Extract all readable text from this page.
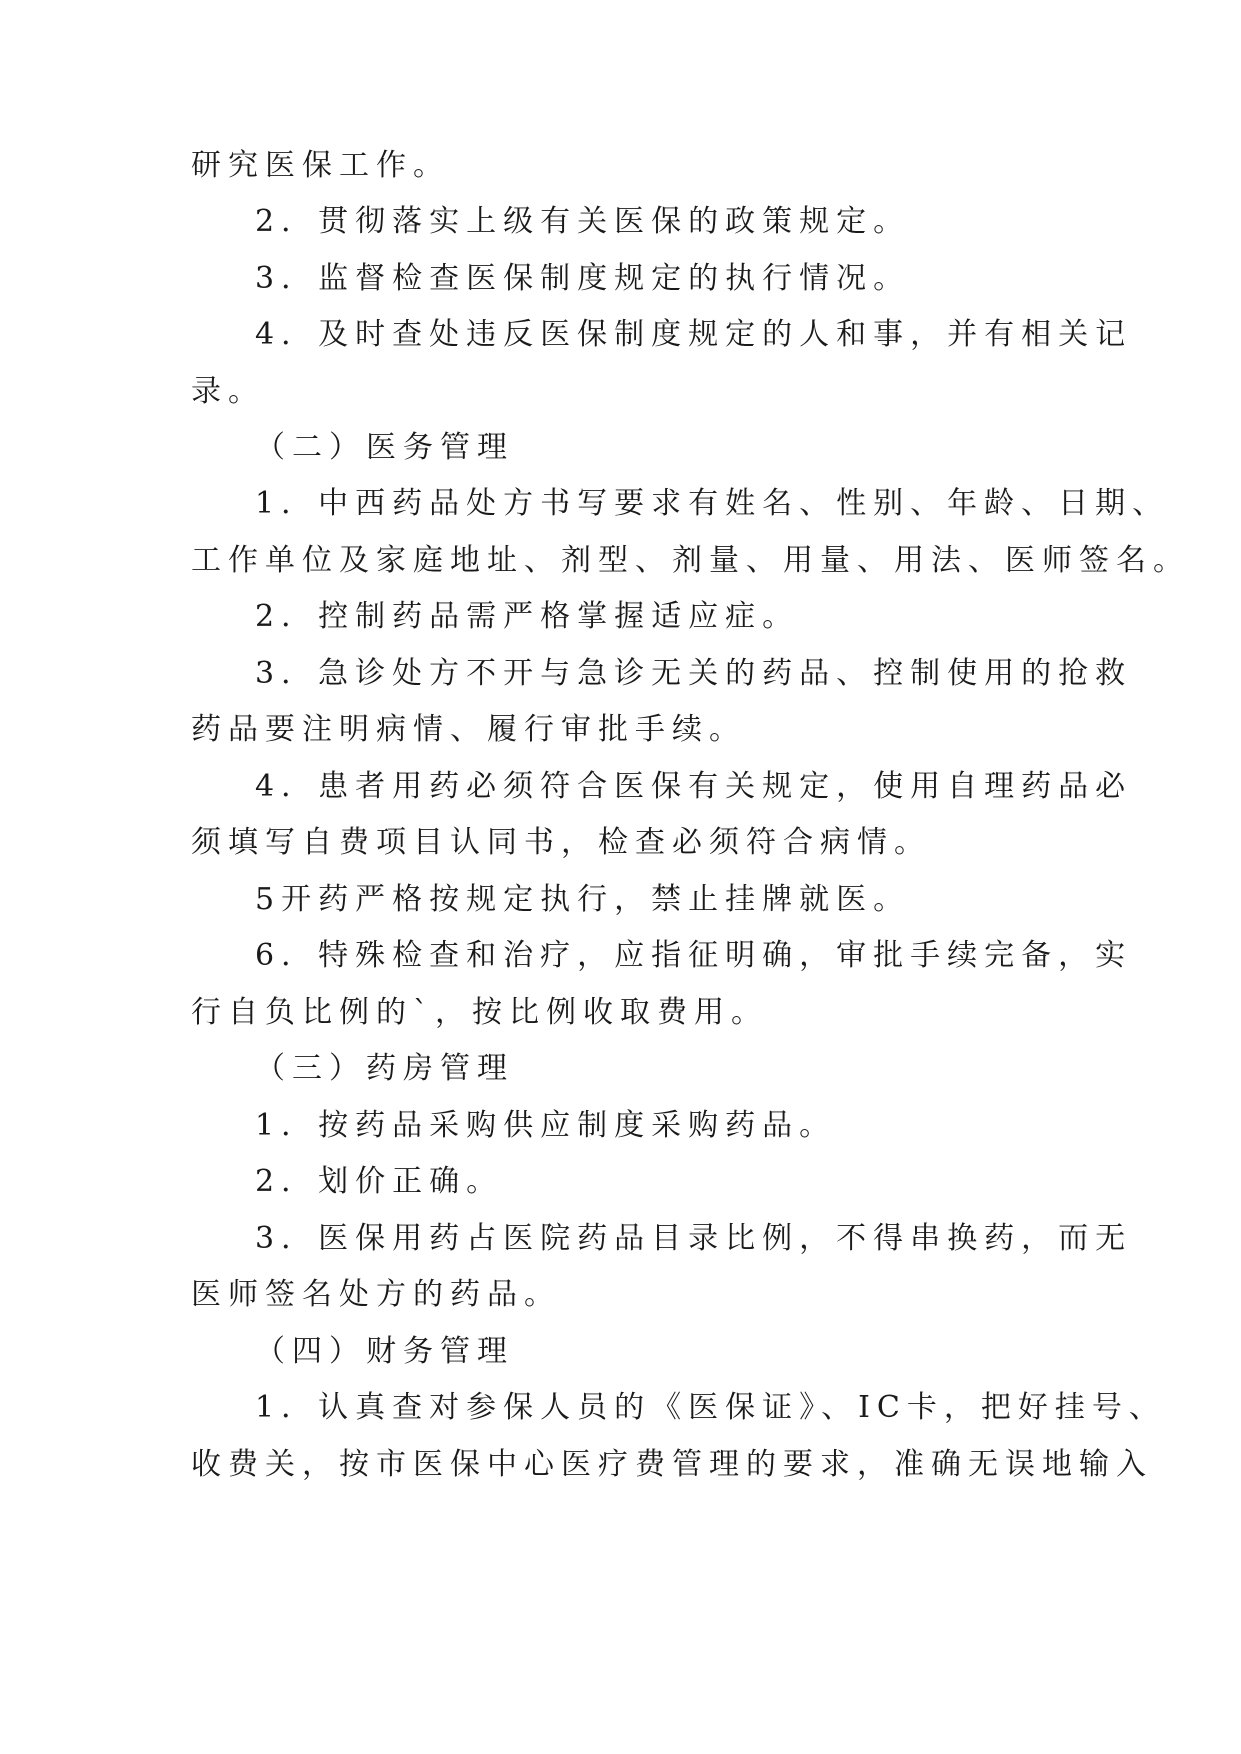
研究医保工作。
2．贯彻落实上级有关医保的政策规定。
3．监督检查医保制度规定的执行情况。
4．及时查处违反医保制度规定的人和事，并有相关记
录。
（二）医务管理
1．中西药品处方书写要求有姓名、性别、年龄、日期、
工作单位及家庭地址、剂型、剂量、用量、用法、医师签名。
2．控制药品需严格掌握适应症。
3．急诊处方不开与急诊无关的药品、控制使用的抢救
药品要注明病情、履行审批手续。
4．患者用药必须符合医保有关规定，使用自理药品必
须填写自费项目认同书，检查必须符合病情。
5开药严格按规定执行，禁止挂牌就医。
6．特殊检查和治疗，应指征明确，审批手续完备，实
行自负比例的`，按比例收取费用。
（三）药房管理
1．按药品采购供应制度采购药品。
2．划价正确。
3．医保用药占医院药品目录比例，不得串换药，而无
医师签名处方的药品。
（四）财务管理
1．认真查对参保人员的《医保证》、IC卡，把好挂号、
收费关，按市医保中心医疗费管理的要求，准确无误地输入
